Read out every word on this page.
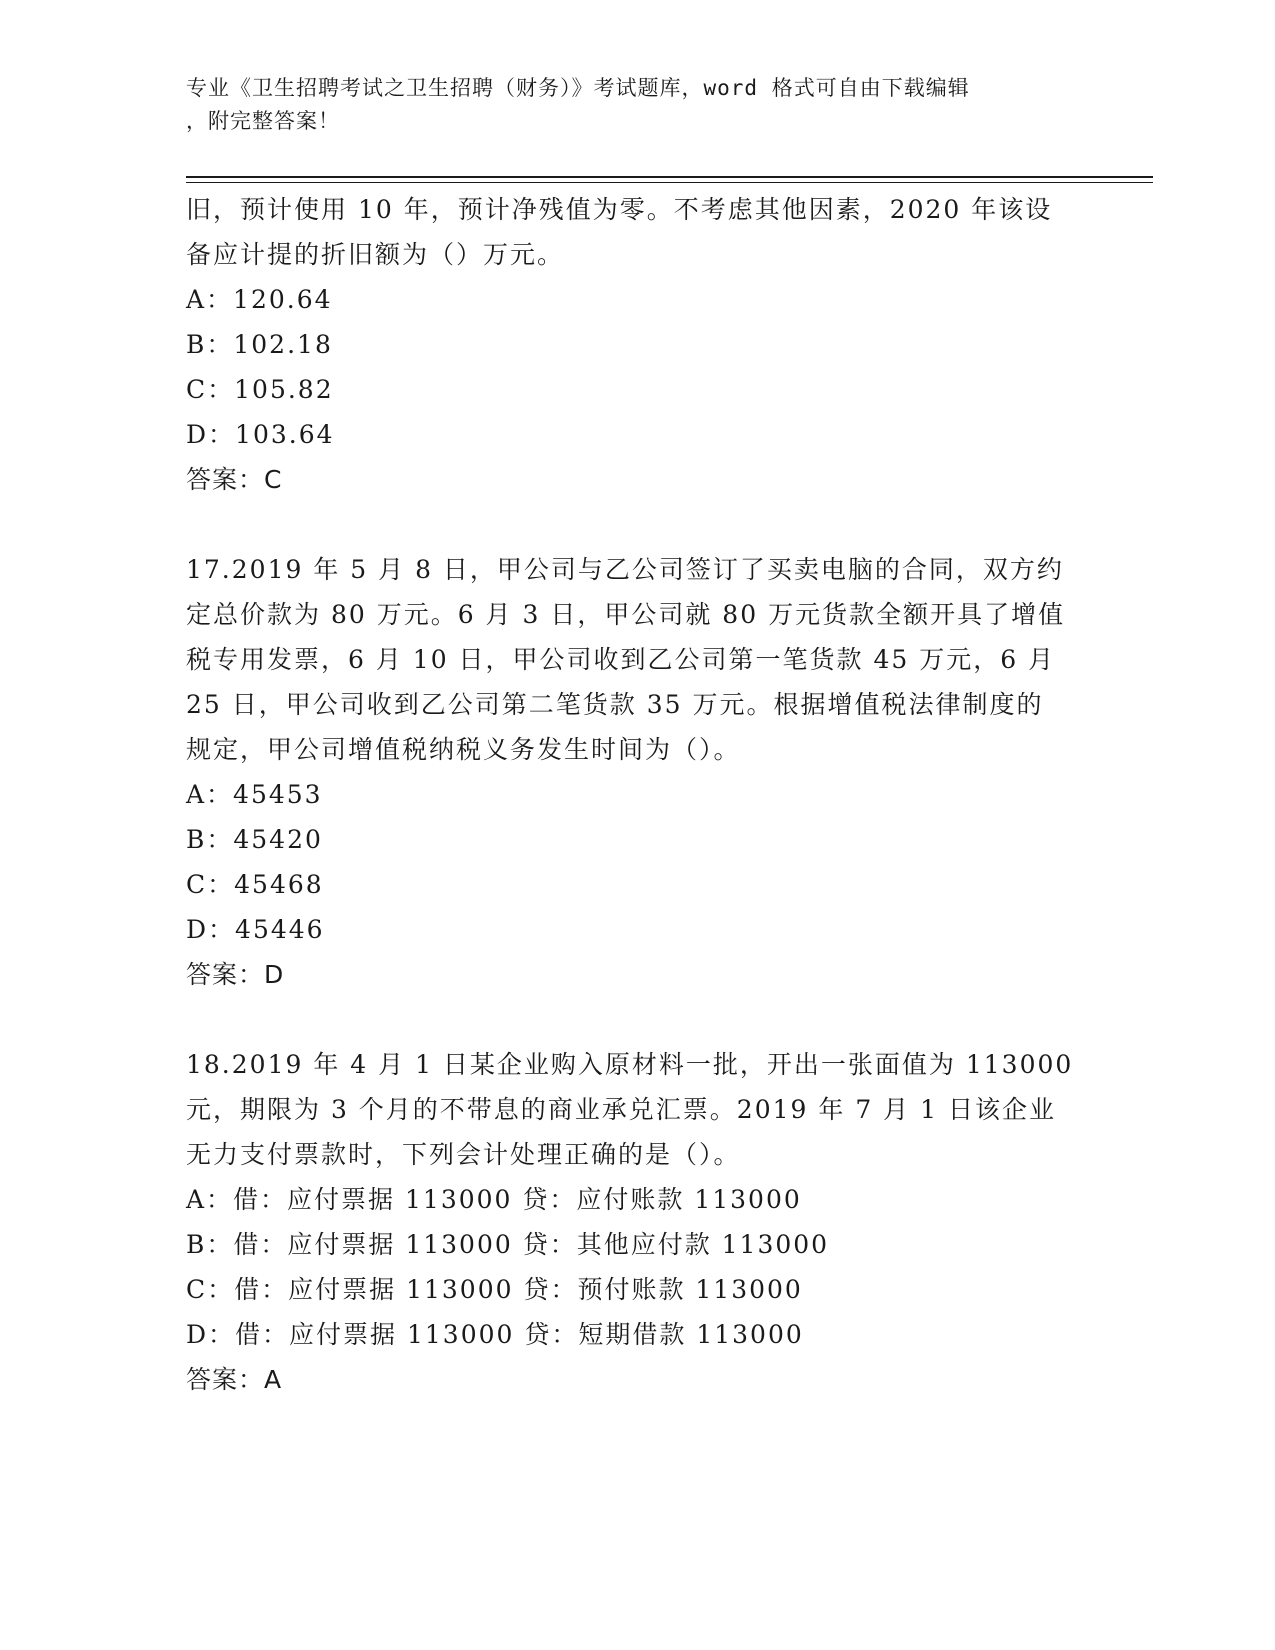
专业《卫生招聘考试之卫生招聘（财务）》考试题库，word 格式可自由下载编辑
，附完整答案！
旧，预计使用 10 年，预计净残值为零。不考虑其他因素，2020 年该设
备应计提的折旧额为（）万元。
A：120.64
B：102.18
C：105.82
D：103.64
答案：C
17.2019 年 5 月 8 日，甲公司与乙公司签订了买卖电脑的合同，双方约
定总价款为 80 万元。6 月 3 日，甲公司就 80 万元货款全额开具了增值
税专用发票，6 月 10 日，甲公司收到乙公司第一笔货款 45 万元，6 月
25 日，甲公司收到乙公司第二笔货款 35 万元。根据增值税法律制度的
规定，甲公司增值税纳税义务发生时间为（）。
A：45453
B：45420
C：45468
D：45446
答案：D
18.2019 年 4 月 1 日某企业购入原材料一批，开出一张面值为 113000
元，期限为 3 个月的不带息的商业承兑汇票。2019 年 7 月 1 日该企业
无力支付票款时，下列会计处理正确的是（）。
A：借：应付票据 113000 贷：应付账款 113000
B：借：应付票据 113000 贷：其他应付款 113000
C：借：应付票据 113000 贷：预付账款 113000
D：借：应付票据 113000 贷：短期借款 113000
答案：A
